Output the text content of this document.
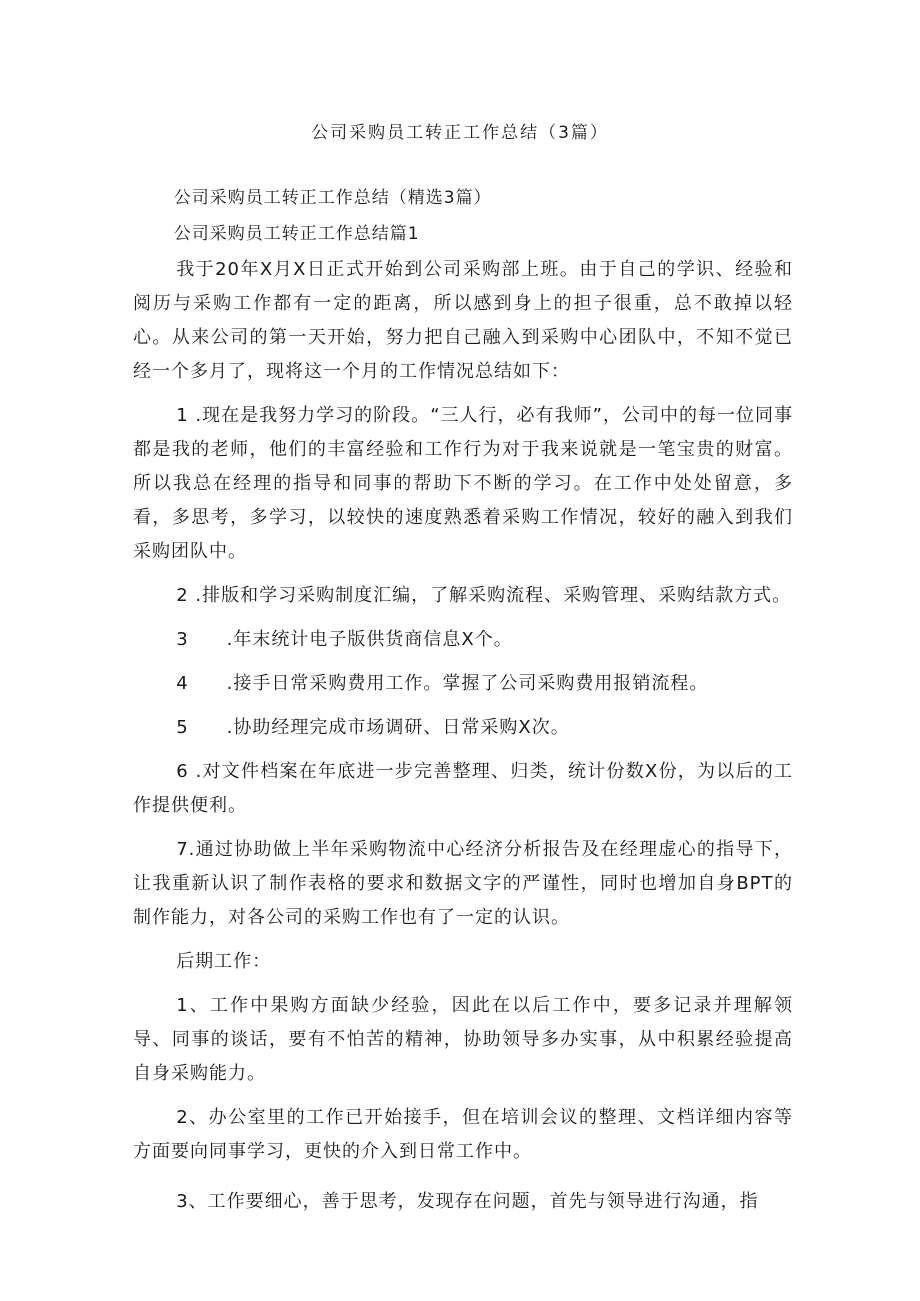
公司采购员工转正工作总结（3篇）

公司采购员工转正工作总结（精选3篇）

公司采购员工转正工作总结篇1

我于20年X月X日正式开始到公司采购部上班。由于自己的学识、经验和阅历与采购工作都有一定的距离，所以感到身上的担子很重，总不敢掉以轻心。从来公司的第一天开始，努力把自己融入到采购中心团队中，不知不觉已经一个多月了，现将这一个月的工作情况总结如下：

1 .现在是我努力学习的阶段。“三人行，必有我师”，公司中的每一位同事都是我的老师，他们的丰富经验和工作行为对于我来说就是一笔宝贵的财富。所以我总在经理的指导和同事的帮助下不断的学习。在工作中处处留意，多看，多思考，多学习，以较快的速度熟悉着采购工作情况，较好的融入到我们采购团队中。

2 .排版和学习采购制度汇编，了解采购流程、采购管理、采购结款方式。

3　　.年末统计电子版供货商信息X个。

4　　.接手日常采购费用工作。掌握了公司采购费用报销流程。

5　　.协助经理完成市场调研、日常采购X次。

6 .对文件档案在年底进一步完善整理、归类，统计份数X份，为以后的工作提供便利。

7.通过协助做上半年采购物流中心经济分析报告及在经理虚心的指导下，让我重新认识了制作表格的要求和数据文字的严谨性，同时也增加自身BPT的制作能力，对各公司的采购工作也有了一定的认识。

后期工作：

1、工作中果购方面缺少经验，因此在以后工作中，要多记录并理解领导、同事的谈话，要有不怕苦的精神，协助领导多办实事，从中积累经验提高自身采购能力。

2、办公室里的工作已开始接手，但在培训会议的整理、文档详细内容等方面要向同事学习，更快的介入到日常工作中。

3、工作要细心，善于思考，发现存在问题，首先与领导进行沟通，指
